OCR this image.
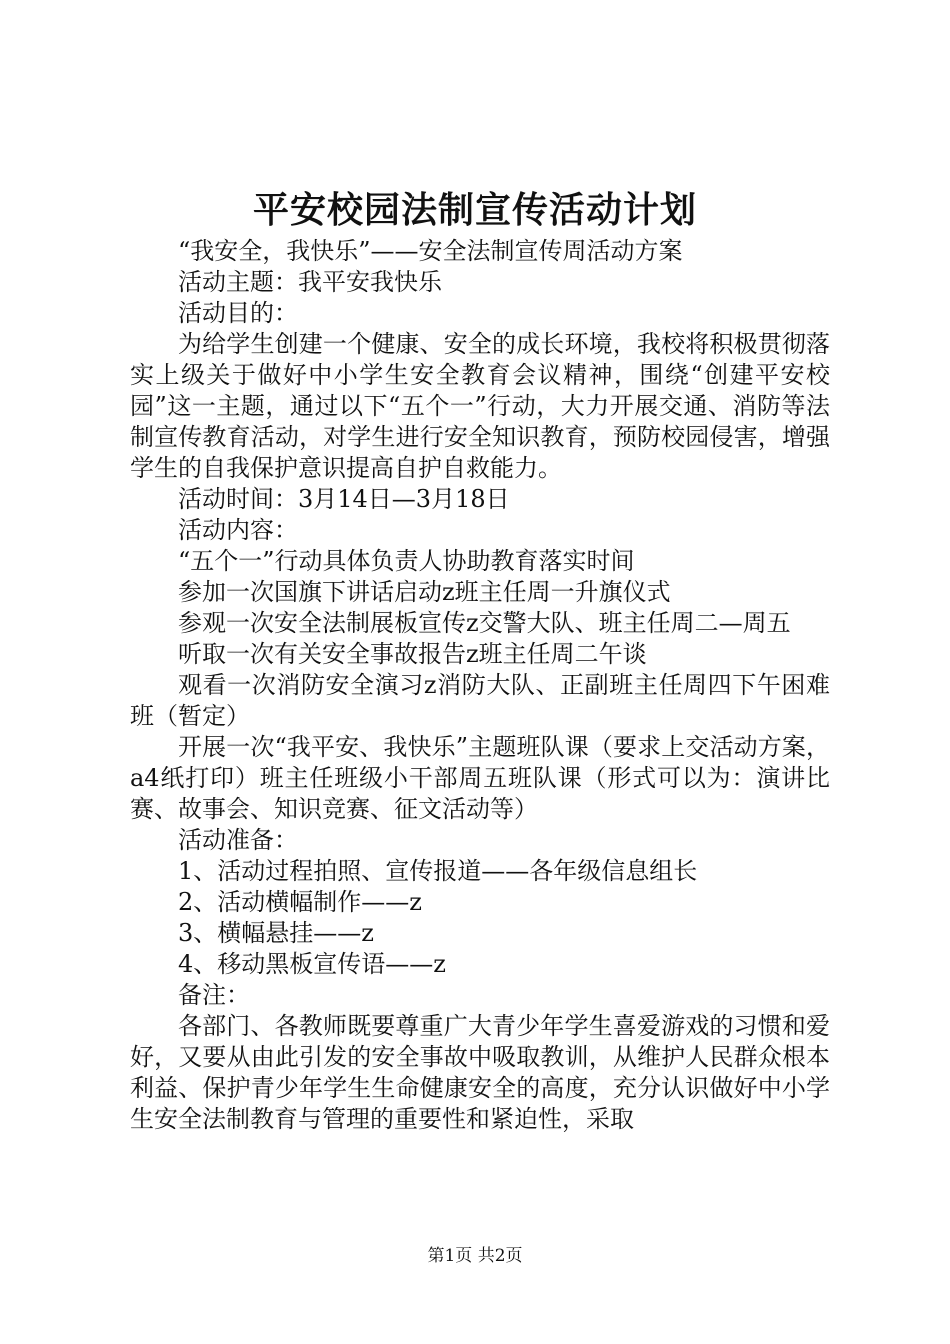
平安校园法制宣传活动计划

“我安全，我快乐”——安全法制宣传周活动方案

活动主题：我平安我快乐

活动目的：

为给学生创建一个健康、安全的成长环境，我校将积极贯彻落实上级关于做好中小学生安全教育会议精神，围绕“创建平安校园”这一主题，通过以下“五个一”行动，大力开展交通、消防等法制宣传教育活动，对学生进行安全知识教育，预防校园侵害，增强学生的自我保护意识提高自护自救能力。

活动时间：3月14日—3月18日

活动内容：

“五个一”行动具体负责人协助教育落实时间

参加一次国旗下讲话启动z班主任周一升旗仪式

参观一次安全法制展板宣传z交警大队、班主任周二—周五

听取一次有关安全事故报告z班主任周二午谈

观看一次消防安全演习z消防大队、正副班主任周四下午困难班（暂定）

开展一次“我平安、我快乐”主题班队课（要求上交活动方案，a4纸打印）班主任班级小干部周五班队课（形式可以为：演讲比赛、故事会、知识竞赛、征文活动等）

活动准备：

1、活动过程拍照、宣传报道——各年级信息组长

2、活动横幅制作——z

3、横幅悬挂——z

4、移动黑板宣传语——z

备注：

各部门、各教师既要尊重广大青少年学生喜爱游戏的习惯和爱好，又要从由此引发的安全事故中吸取教训，从维护人民群众根本利益、保护青少年学生生命健康安全的高度，充分认识做好中小学生安全法制教育与管理的重要性和紧迫性，采取

第1页 共2页
